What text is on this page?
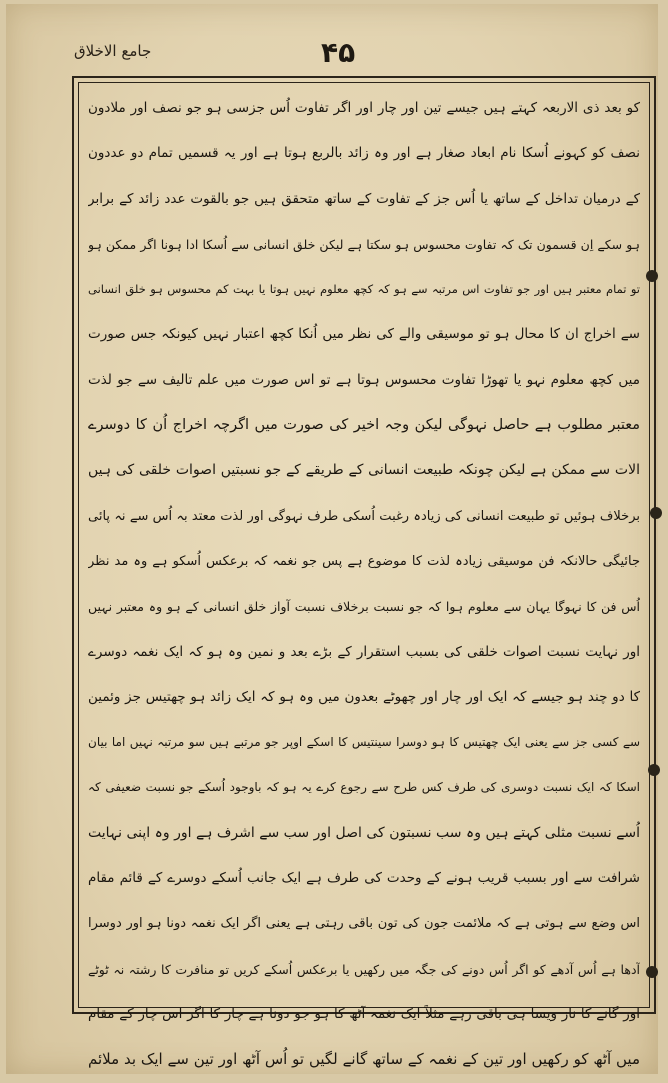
جامع الاخلاق	۴۵
کو بعد ذی الاربعہ کہتے ہیں جیسے تین اور چار اور اگر تفاوت اُس جزسی ہو جو نصف اور ملادون
نصف کو کہونے اُسکا نام ابعاد صغار ہے اور وہ زائد بالربع ہوتا ہے اور یہ قسمیں تمام دو عددون
کے درمیان تداخل کے ساتھ یا اُس جز کے تفاوت کے ساتھ متحقق ہیں جو بالقوت عدد زائد کے برابر
ہو سکے اِن قسمون تک کہ تفاوت محسوس ہو سکتا ہے لیکن خلق انسانی سے اُسکا ادا ہونا اگر ممکن ہو
تو تمام معتبر ہیں اور جو تفاوت اس مرتبہ سے ہو کہ کچھ معلوم نہیں ہوتا یا بہت کم محسوس ہو خلق انسانی
سے اخراج ان کا محال ہو تو موسیقی والے کی نظر میں اُنکا کچھ اعتبار نہیں کیونکہ جس صورت
میں کچھ معلوم نہو یا تھوڑا تفاوت محسوس ہوتا ہے تو اس صورت میں علم تالیف سے جو لذت
معتبر مطلوب ہے حاصل نہوگی لیکن وجہ اخیر کی صورت میں اگرچہ اخراج اُن کا دوسرے
الات سے ممکن ہے لیکن چونکہ طبیعت انسانی کے طریقے کے جو نسبتیں اصوات خلقی کی ہیں
برخلاف ہوئیں تو طبیعت انسانی کی زیادہ رغبت اُسکی طرف نہوگی اور لذت معتد بہ اُس سے نہ پائی
جائیگی حالانکہ فن موسیقی زیادہ لذت کا موضوع ہے پس جو نغمہ کہ برعکس اُسکو ہے وہ مد نظر
اُس فن کا نہوگا یہان سے معلوم ہوا کہ جو نسبت برخلاف نسبت آواز خلق انسانی کے ہو وہ معتبر نہیں
اور نہایت نسبت اصوات خلقی کی بسبب استقرار کے بڑے بعد و نمین وہ ہو کہ ایک نغمہ دوسرے
کا دو چند ہو جیسے کہ ایک اور چار اور چھوٹے بعدون میں وہ ہو کہ ایک زائد ہو چھتیس جز وئمین
سے کسی جز سے یعنی ایک چھتیس کا ہو دوسرا سینتیس کا اسکے اوپر جو مرتبے ہیں سو مرتبہ نہیں اما بیان
اسکا کہ ایک نسبت دوسری کی طرف کس طرح سے رجوع کرے یہ ہو کہ باوجود اُسکے جو نسبت ضعیفی کہ
اُسے نسبت مثلی کہتے ہیں وہ سب نسبتون کی اصل اور سب سے اشرف ہے اور وہ اپنی نہایت
شرافت سے اور بسبب قریب ہونے کے وحدت کی طرف ہے ایک جانب اُسکے دوسرے کے قائم مقام
اس وضع سے ہوتی ہے کہ ملائمت جون کی تون باقی رہتی ہے یعنی اگر ایک نغمہ دونا ہو اور دوسرا
آدھا ہے اُس آدھے کو اگر اُس دونے کی جگہ میں رکھیں یا برعکس اُسکے کریں تو منافرت کا رشتہ نہ ٹوٹے
اور گانے کا ناز ویسا ہی باقی رہے مثلاً ایک نغمہ آٹھ کا ہو جو دونا ہے چار کا اگر اس چار کے مقام
میں آٹھ کو رکھیں اور تین کے نغمہ کے ساتھ گانے لگیں تو اُس آٹھ اور تین سے ایک بد ملائم
